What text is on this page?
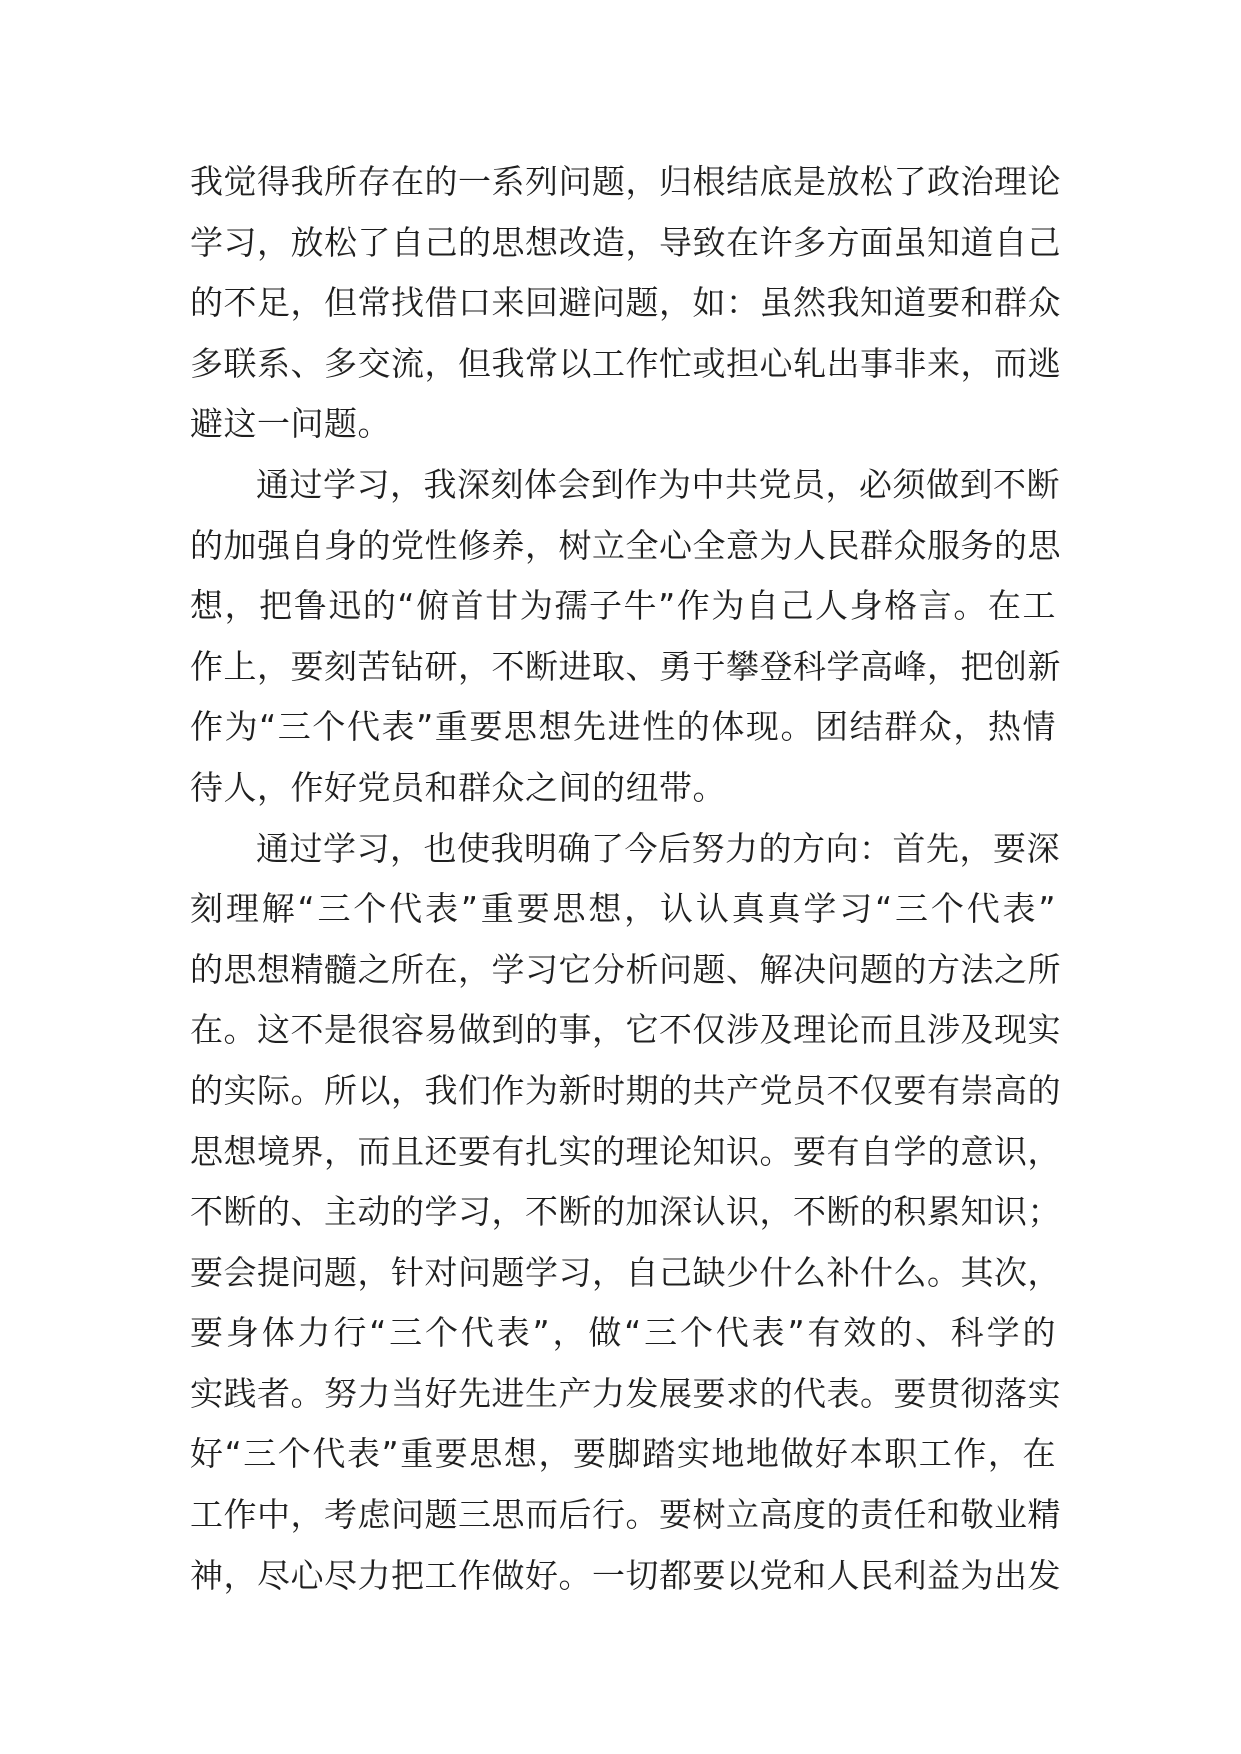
我觉得我所存在的一系列问题，归根结底是放松了政治理论
学习，放松了自己的思想改造，导致在许多方面虽知道自己
的不足，但常找借口来回避问题，如：虽然我知道要和群众
多联系、多交流，但我常以工作忙或担心轧出事非来，而逃
避这一问题。
通过学习，我深刻体会到作为中共党员，必须做到不断
的加强自身的党性修养，树立全心全意为人民群众服务的思
想，把鲁迅的“俯首甘为孺子牛”作为自己人身格言。在工
作上，要刻苦钻研，不断进取、勇于攀登科学高峰，把创新
作为“三个代表”重要思想先进性的体现。团结群众，热情
待人，作好党员和群众之间的纽带。
通过学习，也使我明确了今后努力的方向：首先，要深
刻理解“三个代表”重要思想，认认真真学习“三个代表”
的思想精髓之所在，学习它分析问题、解决问题的方法之所
在。这不是很容易做到的事，它不仅涉及理论而且涉及现实
的实际。所以，我们作为新时期的共产党员不仅要有崇高的
思想境界，而且还要有扎实的理论知识。要有自学的意识，
不断的、主动的学习，不断的加深认识，不断的积累知识；
要会提问题，针对问题学习，自己缺少什么补什么。其次，
要身体力行“三个代表”，做“三个代表”有效的、科学的
实践者。努力当好先进生产力发展要求的代表。要贯彻落实
好“三个代表”重要思想，要脚踏实地地做好本职工作，在
工作中，考虑问题三思而后行。要树立高度的责任和敬业精
神，尽心尽力把工作做好。一切都要以党和人民利益为出发
